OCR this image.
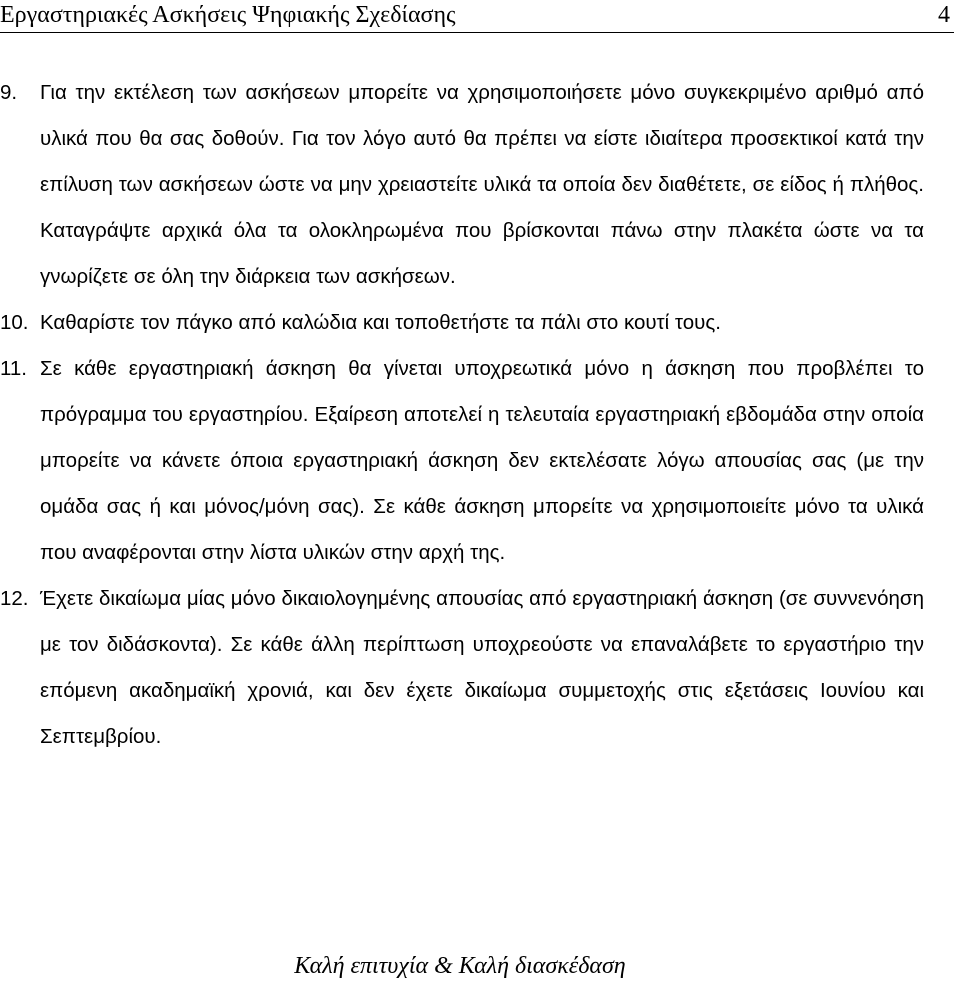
Εργαστηριακές Ασκήσεις Ψηφιακής Σχεδίασης	4

9. Για την εκτέλεση των ασκήσεων μπορείτε να χρησιμοποιήσετε μόνο συγκεκριμένο αριθμό από υλικά που θα σας δοθούν. Για τον λόγο αυτό θα πρέπει να είστε ιδιαίτερα προσεκτικοί κατά την επίλυση των ασκήσεων ώστε να μην χρειαστείτε υλικά τα οποία δεν διαθέτετε, σε είδος ή πλήθος. Καταγράψτε αρχικά όλα τα ολοκληρωμένα που βρίσκονται πάνω στην πλακέτα ώστε να τα γνωρίζετε σε όλη την διάρκεια των ασκήσεων.

10. Καθαρίστε τον πάγκο από καλώδια και τοποθετήστε τα πάλι στο κουτί τους.

11. Σε κάθε εργαστηριακή άσκηση θα γίνεται υποχρεωτικά μόνο η άσκηση που προβλέπει το πρόγραμμα του εργαστηρίου. Εξαίρεση αποτελεί η τελευταία εργαστηριακή εβδομάδα στην οποία μπορείτε να κάνετε όποια εργαστηριακή άσκηση δεν εκτελέσατε λόγω απουσίας σας (με την ομάδα σας ή και μόνος/μόνη σας). Σε κάθε άσκηση μπορείτε να χρησιμοποιείτε μόνο τα υλικά που αναφέρονται στην λίστα υλικών στην αρχή της.

12. Έχετε δικαίωμα μίας μόνο δικαιολογημένης απουσίας από εργαστηριακή άσκηση (σε συννενόηση με τον διδάσκοντα). Σε κάθε άλλη περίπτωση υποχρεούστε να επαναλάβετε το εργαστήριο την επόμενη ακαδημαϊκή χρονιά, και δεν έχετε δικαίωμα συμμετοχής στις εξετάσεις Ιουνίου και Σεπτεμβρίου.

Καλή επιτυχία & Καλή διασκέδαση
